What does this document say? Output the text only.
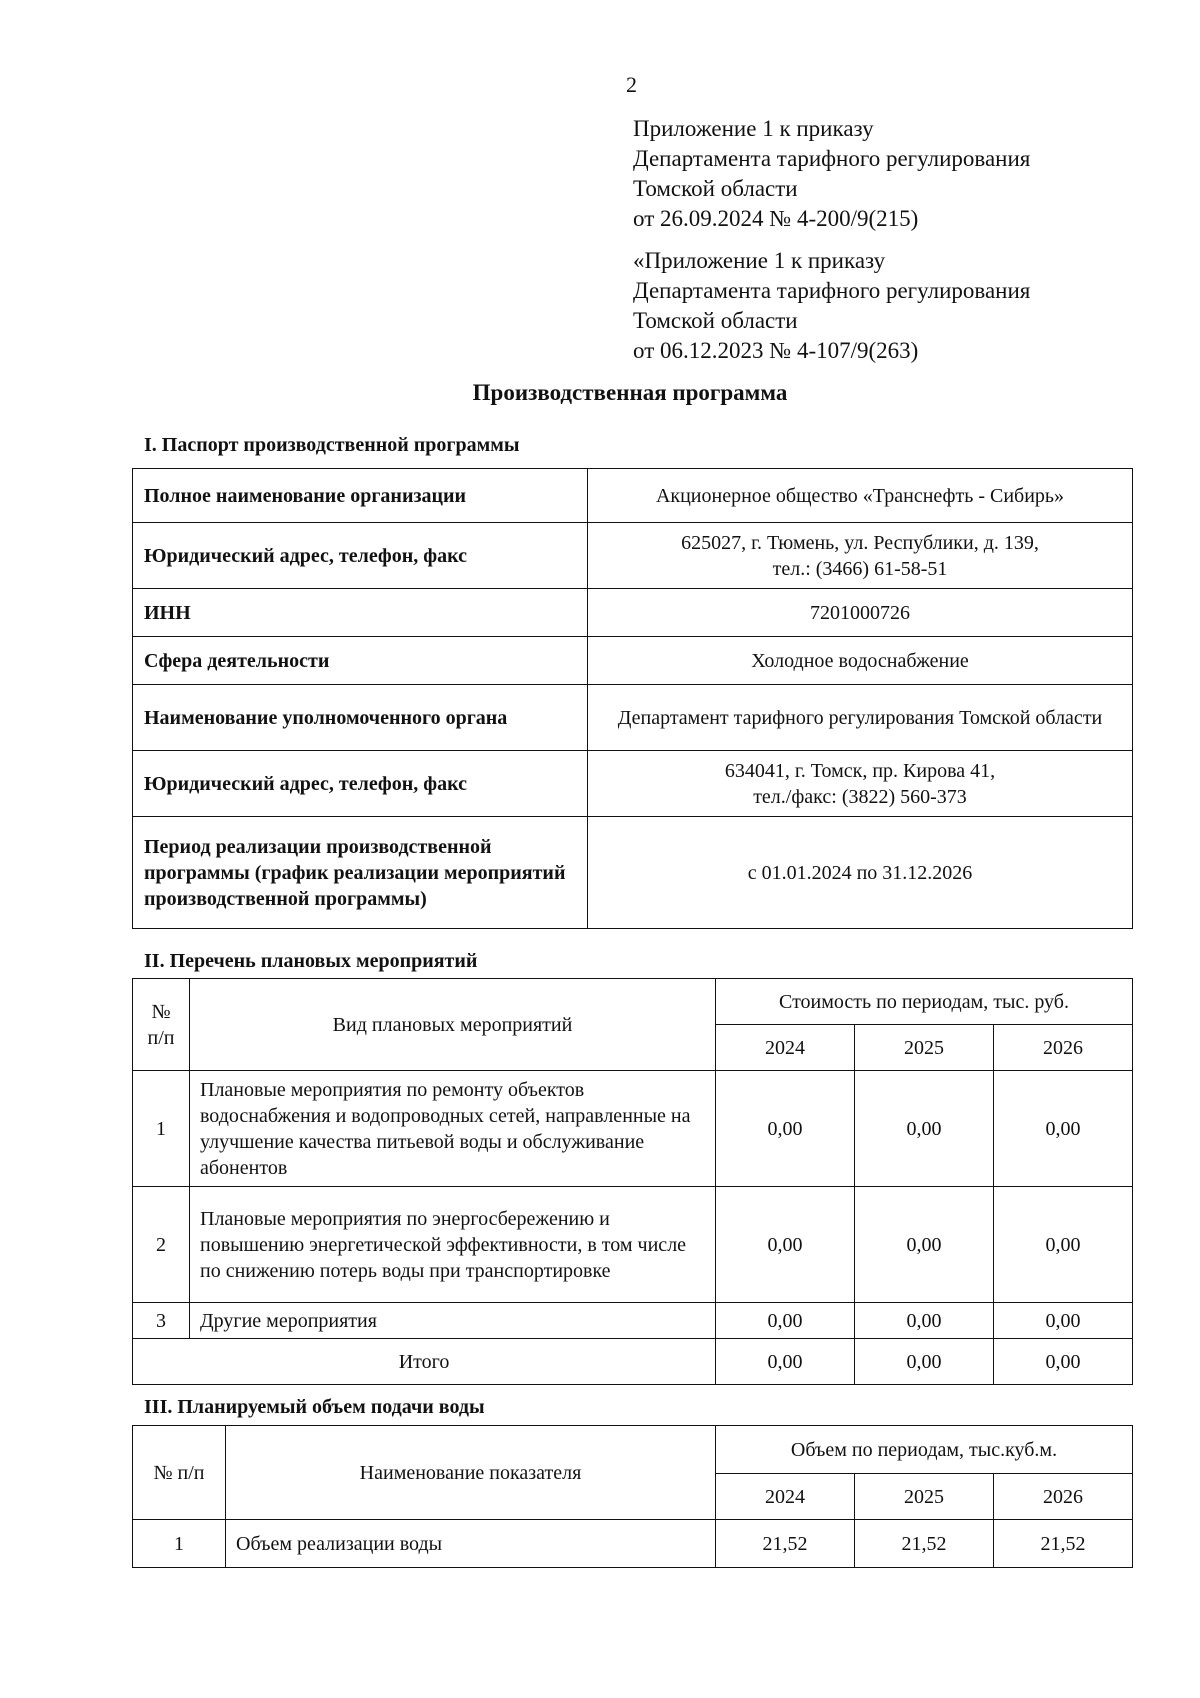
2
Приложение 1 к приказу
Департамента тарифного регулирования
Томской области
от 26.09.2024 № 4-200/9(215)
«Приложение 1 к приказу
Департамента тарифного регулирования
Томской области
от 06.12.2023 № 4-107/9(263)
Производственная программа
I. Паспорт производственной программы
Полное наименование организации	Акционерное общество «Транснефть - Сибирь»
Юридический адрес, телефон, факс	625027, г. Тюмень, ул. Республики, д. 139,
тел.: (3466) 61-58-51

ИНН	7201000726
Сфера деятельности	Холодное водоснабжение
Наименование уполномоченного органа	Департамент тарифного регулирования Томской области
Юридический адрес, телефон, факс	634041, г. Томск, пр. Кирова 41,
тел./факс: (3822) 560-373

Период реализации производственной программы (график реализации мероприятий производственной программы)	с 01.01.2024 по 31.12.2026
II. Перечень плановых мероприятий
№ п/п	Вид плановых мероприятий	Стоимость по периодам, тыс. руб.		
		2024	2025	2026
1	Плановые мероприятия по ремонту объектов водоснабжения и водопроводных сетей, направленные на улучшение качества питьевой воды и обслуживание абонентов	0,00	0,00	0,00
2	Плановые мероприятия по энергосбережению и повышению энергетической эффективности, в том числе по снижению потерь воды при транспортировке	0,00	0,00	0,00
3	Другие мероприятия	0,00	0,00	0,00
Итого		0,00	0,00	0,00
III. Планируемый объем подачи воды
№ п/п	Наименование показателя	Объем по периодам, тыс.куб.м.		
		2024	2025	2026
1	Объем реализации воды	21,52	21,52	21,52
